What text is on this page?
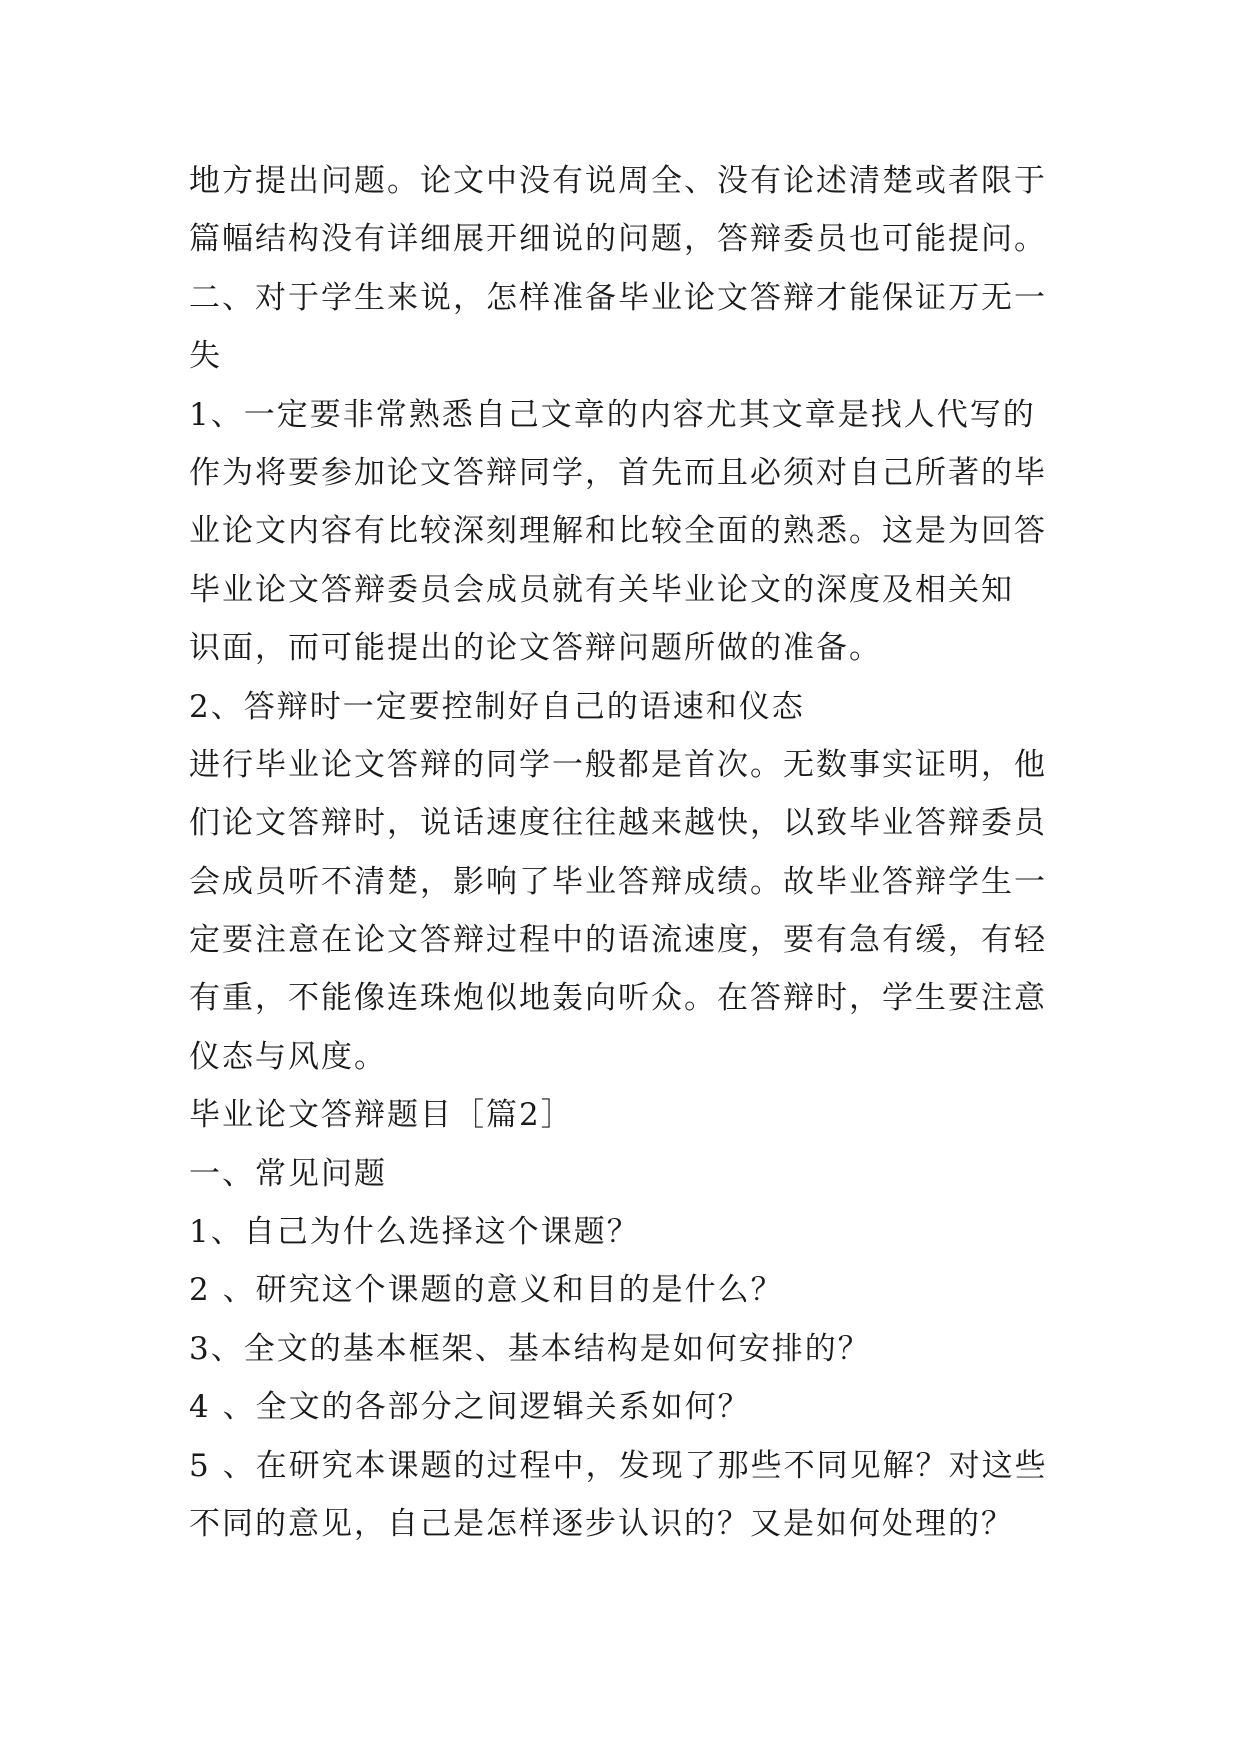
地方提出问题。论文中没有说周全、没有论述清楚或者限于
篇幅结构没有详细展开细说的问题，答辩委员也可能提问。
二、对于学生来说，怎样准备毕业论文答辩才能保证万无一
失
1、一定要非常熟悉自己文章的内容尤其文章是找人代写的
作为将要参加论文答辩同学，首先而且必须对自己所著的毕
业论文内容有比较深刻理解和比较全面的熟悉。这是为回答
毕业论文答辩委员会成员就有关毕业论文的深度及相关知
识面，而可能提出的论文答辩问题所做的准备。
2、答辩时一定要控制好自己的语速和仪态
进行毕业论文答辩的同学一般都是首次。无数事实证明，他
们论文答辩时，说话速度往往越来越快，以致毕业答辩委员
会成员听不清楚，影响了毕业答辩成绩。故毕业答辩学生一
定要注意在论文答辩过程中的语流速度，要有急有缓，有轻
有重，不能像连珠炮似地轰向听众。在答辩时，学生要注意
仪态与风度。
毕业论文答辩题目［篇2］
一、常见问题
1、自己为什么选择这个课题？
2 、研究这个课题的意义和目的是什么？
3、全文的基本框架、基本结构是如何安排的？
4 、全文的各部分之间逻辑关系如何？
5 、在研究本课题的过程中，发现了那些不同见解？对这些
不同的意见，自己是怎样逐步认识的？又是如何处理的？
